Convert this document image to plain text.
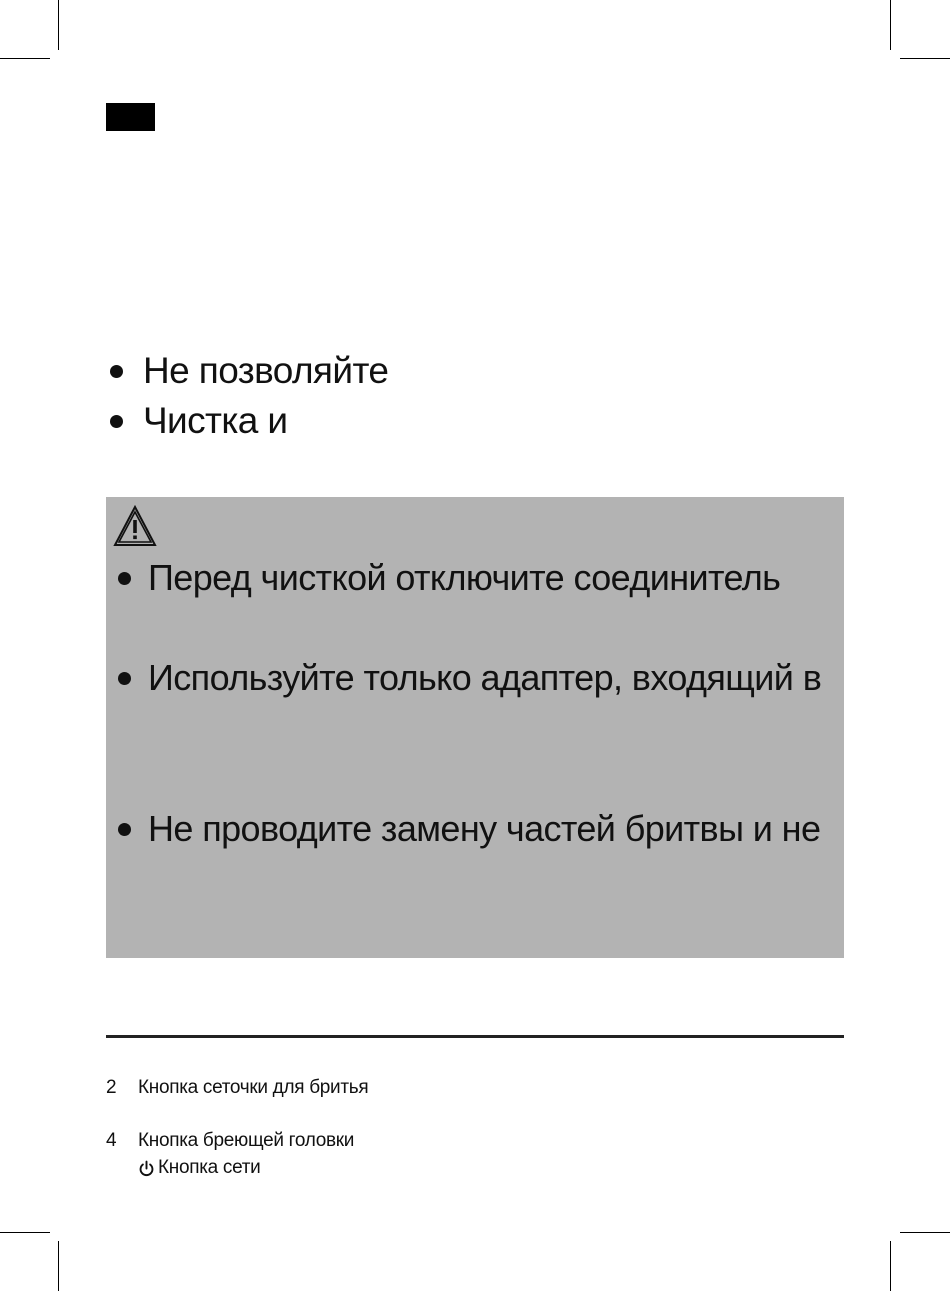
Не позволяйте
Чистка и
Перед чисткой отключите соединитель
Используйте только адаптер, входящий в
Не проводите замену частей бритвы и не
2	Кнопка сеточки для бритья
4	Кнопка бреющей головки
Кнопка сети
